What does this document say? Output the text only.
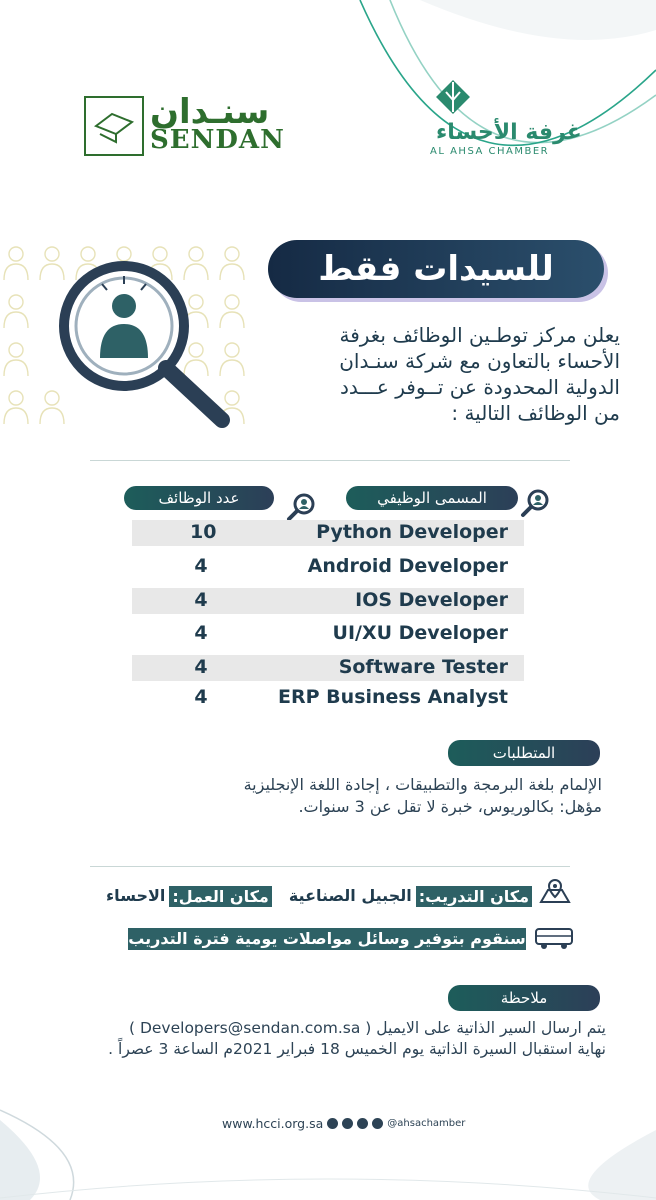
سنـدان
SENDAN	غرفة الأحساء
AL AHSA CHAMBER
للسيدات فقط
يعلن مركز توطـين الوظائف بغرفة
الأحساء بالتعاون مع شركة سنـدان
الدولية المحدودة عن تــوفر عـــدد
من الوظائف التالية :
المسمى الوظيفي
عدد الوظائف
Python Developer
10
Android Developer
4
IOS Developer
4
UI/XU Developer
4
Software Tester
4
ERP Business Analyst
4
المتطلبات
الإلمام بلغة البرمجة والتطبيقات ، إجادة اللغة الإنجليزية
مؤهل: بكالوريوس، خبرة لا تقل عن 3 سنوات.
مكان التدريب:
الجبيل الصناعية
مكان العمل:
الاحساء
سنقوم بتوفير وسائل مواصلات يومية فترة التدريب
ملاحظة
يتم ارسال السير الذاتية على الايميل ( Developers@sendan.com.sa )
نهاية استقبال السيرة الذاتية يوم الخميس 18 فبراير 2021م الساعة 3 عصراً .
www.hcci.org.sa	@ahsachamber
